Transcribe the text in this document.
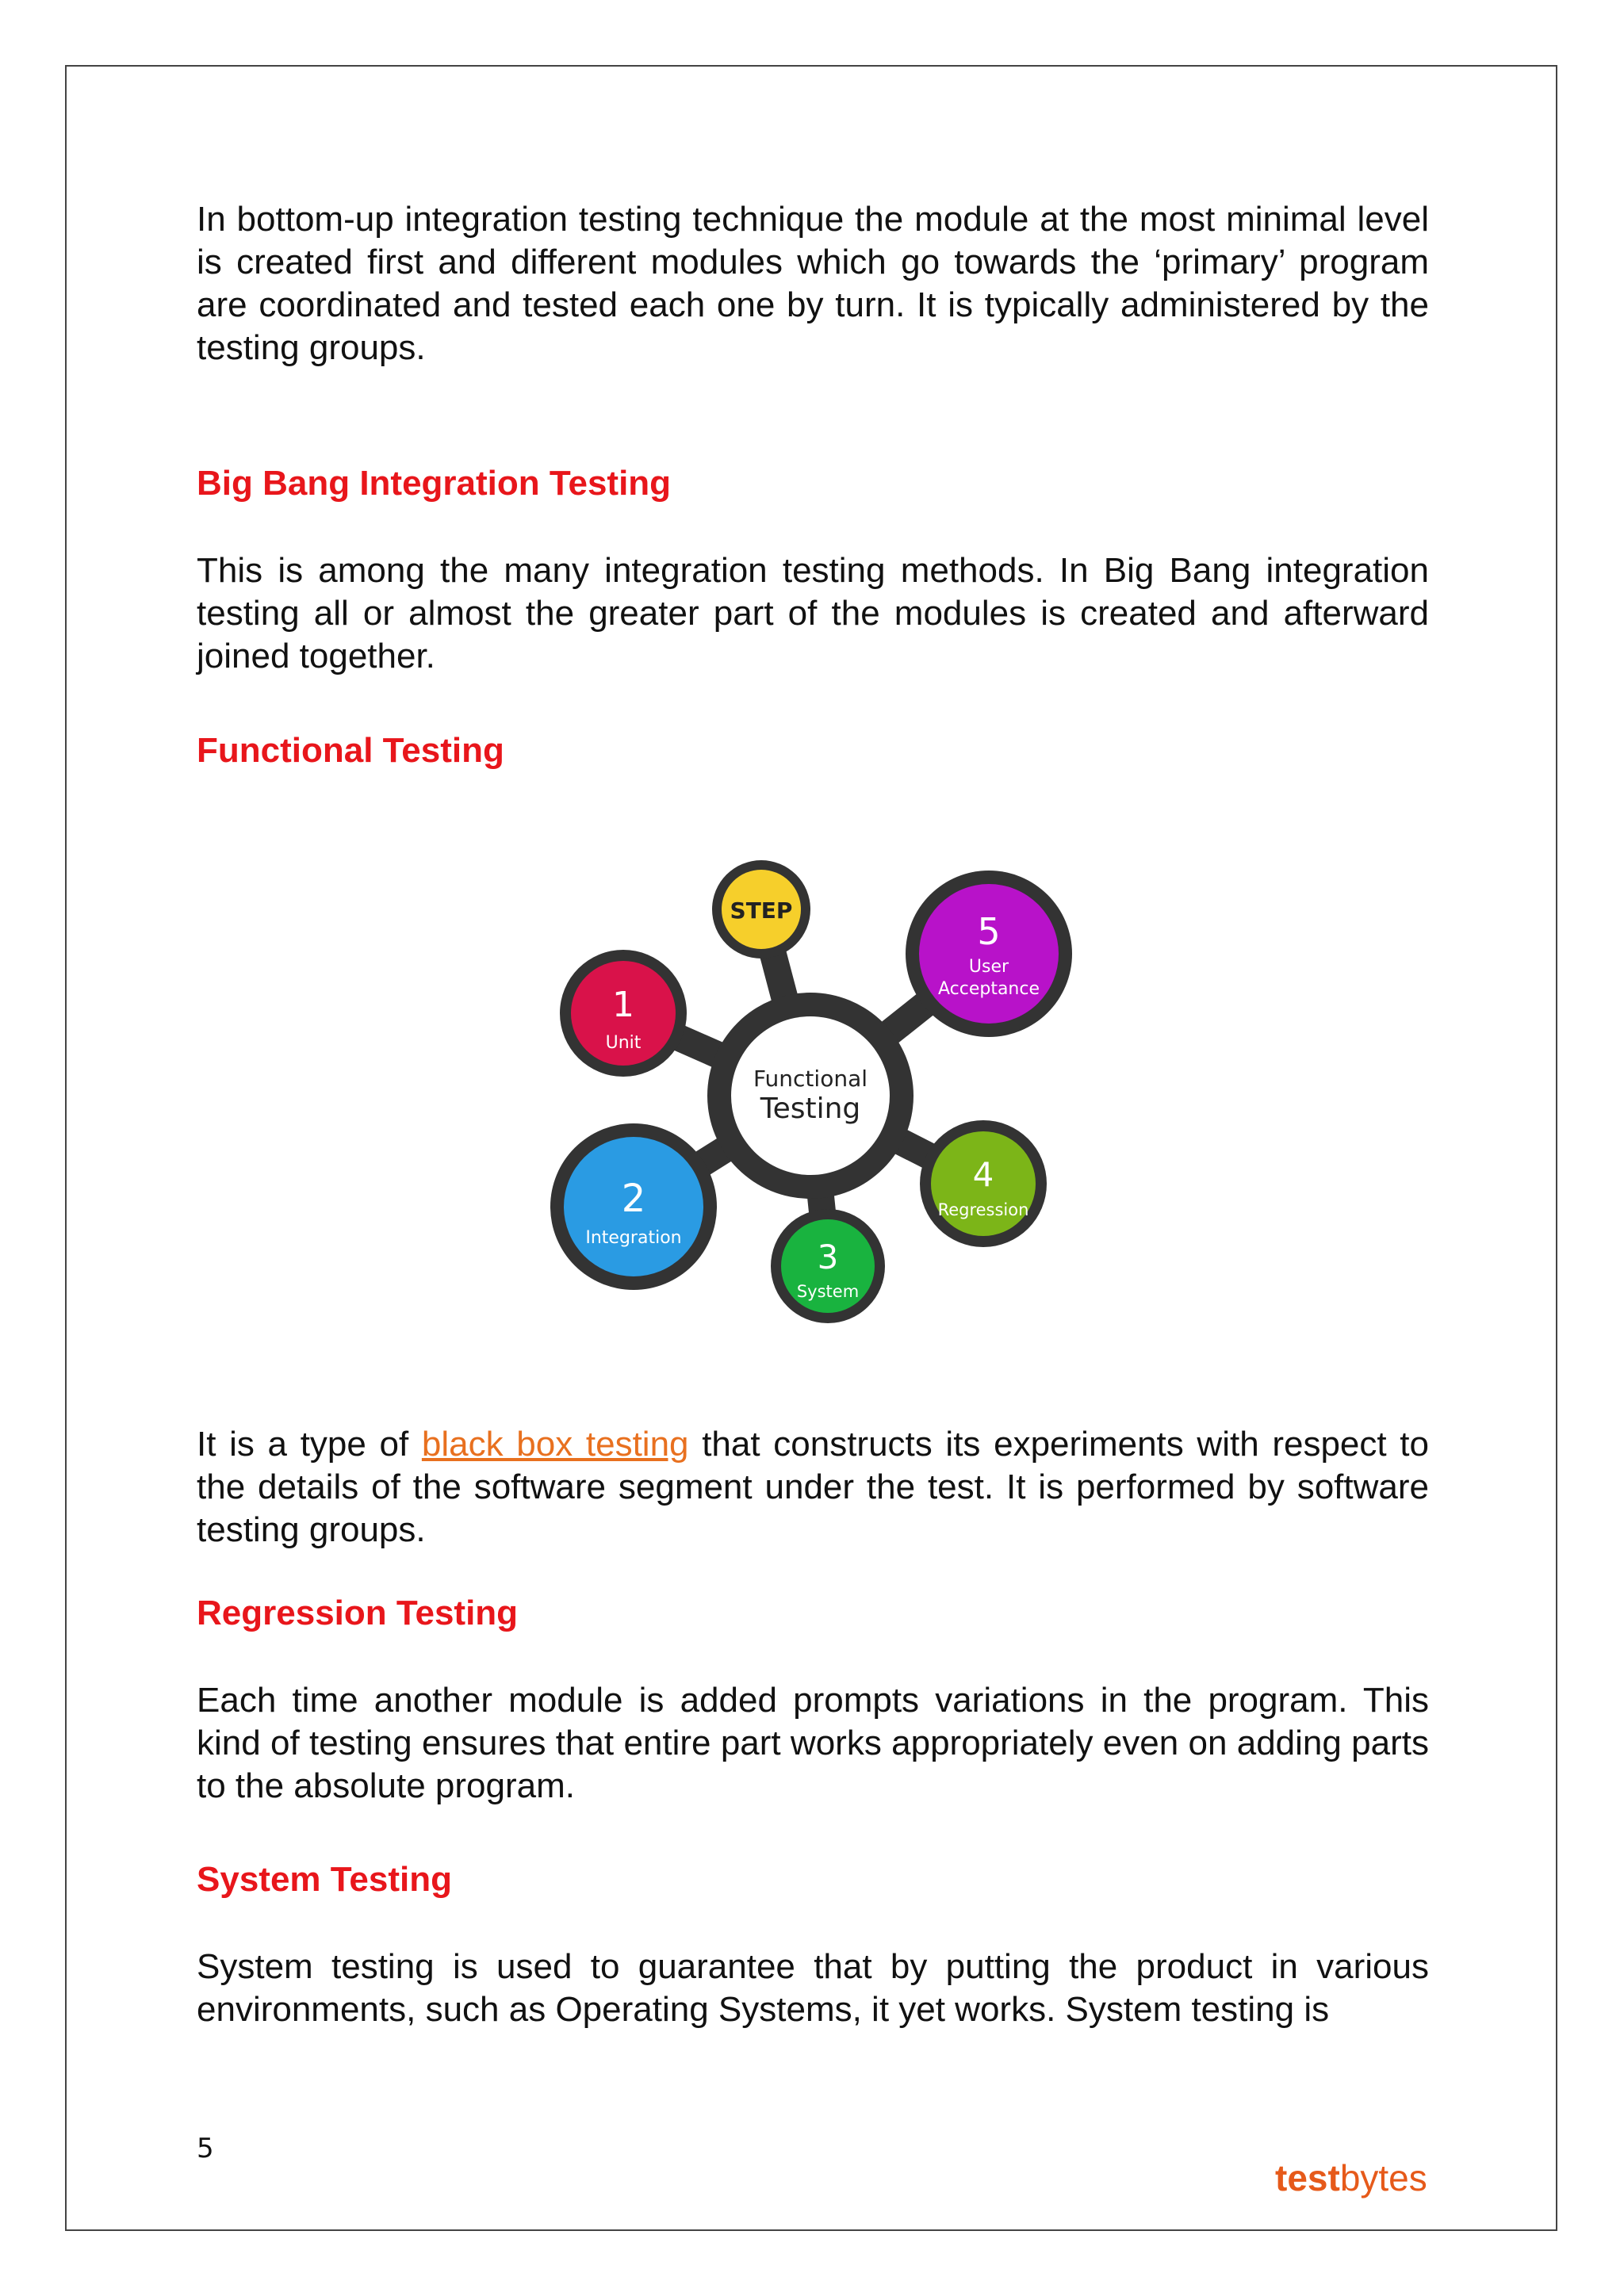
In bottom-up integration testing technique the module at the most minimal level is created first and different modules which go towards the ‘primary’ program are coordinated and tested each one by turn. It is typically administered by the testing groups.

Big Bang Integration Testing

This is among the many integration testing methods. In Big Bang integration testing all or almost the greater part of the modules is created and afterward joined together.

Functional Testing
Functional
Testing
STEP
1
Unit
2
Integration	3
System
4
Regression
5
User
Acceptance

It is a type of black box testing that constructs its experiments with respect to the details of the software segment under the test. It is performed by software testing groups.

Regression Testing

Each time another module is added prompts variations in the program. This kind of testing ensures that entire part works appropriately even on adding parts to the absolute program.

System Testing

System testing is used to guarantee that by putting the product in various environments, such as Operating Systems, it yet works. System testing is

5
testbytes
